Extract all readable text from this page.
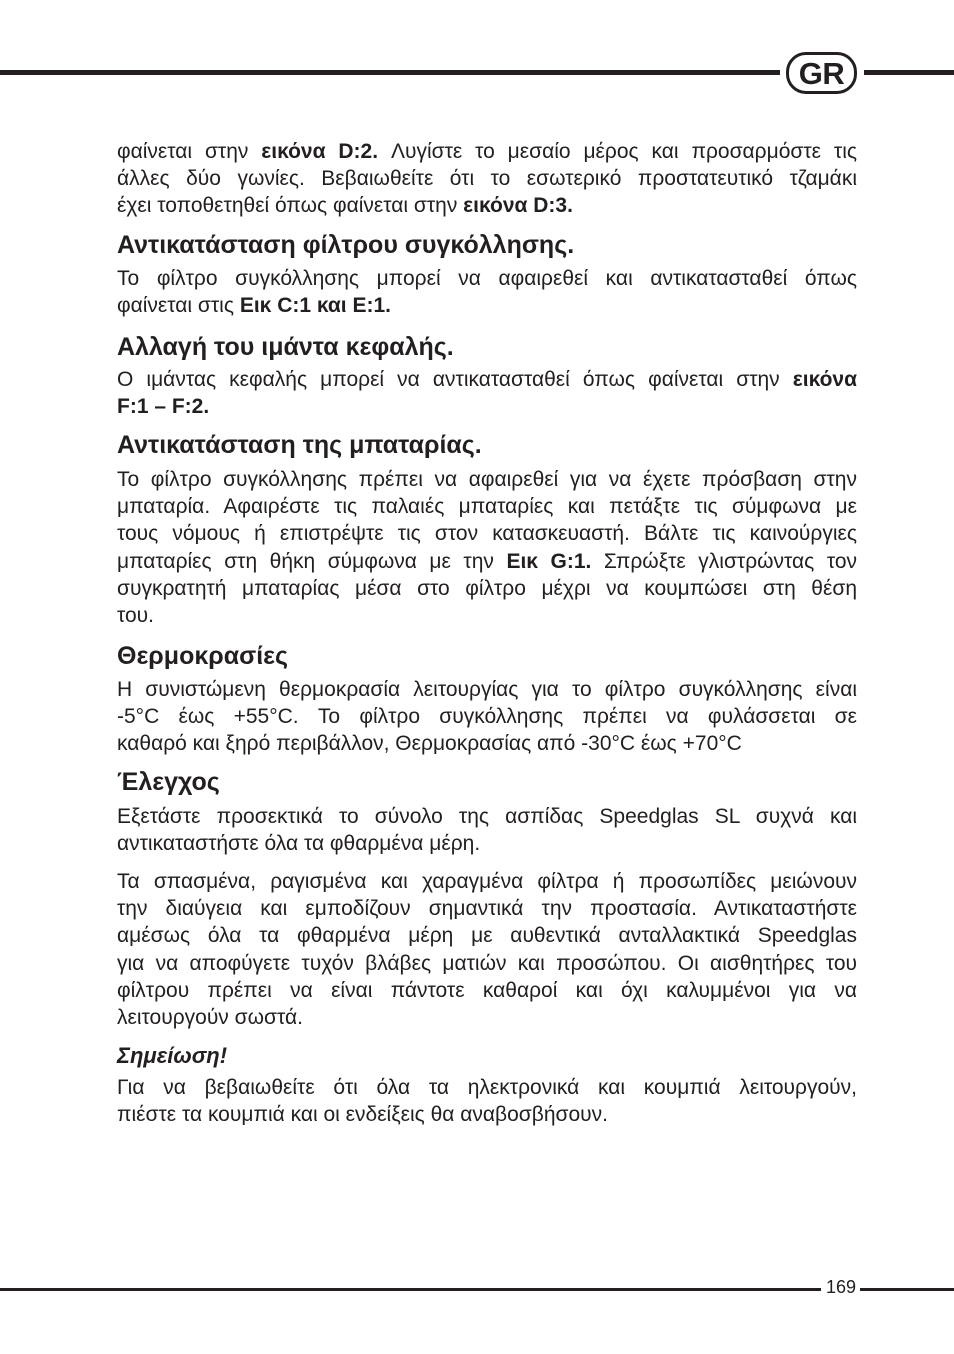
GR
φαίνεται στην εικόνα D:2. Λυγίστε το μεσαίο μέρος και προσαρμόστε τις
άλλες δύο γωνίες. Βεβαιωθείτε ότι το εσωτερικό προστατευτικό τζαμάκι
έχει τοποθετηθεί όπως φαίνεται στην εικόνα D:3.
Αντικατάσταση φίλτρου συγκόλλησης.
Το φίλτρο συγκόλλησης μπορεί να αφαιρεθεί και αντικατασταθεί όπως
φαίνεται στις Εικ C:1 και E:1.
Αλλαγή του ιμάντα κεφαλής.
Ο ιμάντας κεφαλής μπορεί να αντικατασταθεί όπως φαίνεται στην εικόνα
F:1 – F:2.
Αντικατάσταση της μπαταρίας.
Το φίλτρο συγκόλλησης πρέπει να αφαιρεθεί για να έχετε πρόσβαση στην
μπαταρία. Αφαιρέστε τις παλαιές μπαταρίες και πετάξτε τις σύμφωνα με
τους νόμους ή επιστρέψτε τις στον κατασκευαστή. Βάλτε τις καινούργιες
μπαταρίες στη θήκη σύμφωνα με την Εικ G:1. Σπρώξτε γλιστρώντας τον
συγκρατητή μπαταρίας μέσα στο φίλτρο μέχρι να κουμπώσει στη θέση
του.
Θερμοκρασίες
Η συνιστώμενη θερμοκρασία λειτουργίας για το φίλτρο συγκόλλησης είναι
-5°C έως +55°C. Το φίλτρο συγκόλλησης πρέπει να φυλάσσεται σε
καθαρό και ξηρό περιβάλλον, Θερμοκρασίας από -30°C έως +70°C
Έλεγχος
Εξετάστε προσεκτικά το σύνολο της ασπίδας Speedglas SL συχνά και
αντικαταστήστε όλα τα φθαρμένα μέρη.
Τα σπασμένα, ραγισμένα και χαραγμένα φίλτρα ή προσωπίδες μειώνουν
την διαύγεια και εμποδίζουν σημαντικά την προστασία. Αντικαταστήστε
αμέσως όλα τα φθαρμένα μέρη με αυθεντικά ανταλλακτικά Speedglas
για να αποφύγετε τυχόν βλάβες ματιών και προσώπου. Οι αισθητήρες του
φίλτρου πρέπει να είναι πάντοτε καθαροί και όχι καλυμμένοι για να
λειτουργούν σωστά.
Σημείωση!
Για να βεβαιωθείτε ότι όλα τα ηλεκτρονικά και κουμπιά λειτουργούν,
πιέστε τα κουμπιά και οι ενδείξεις θα αναβοσβήσουν.
169
